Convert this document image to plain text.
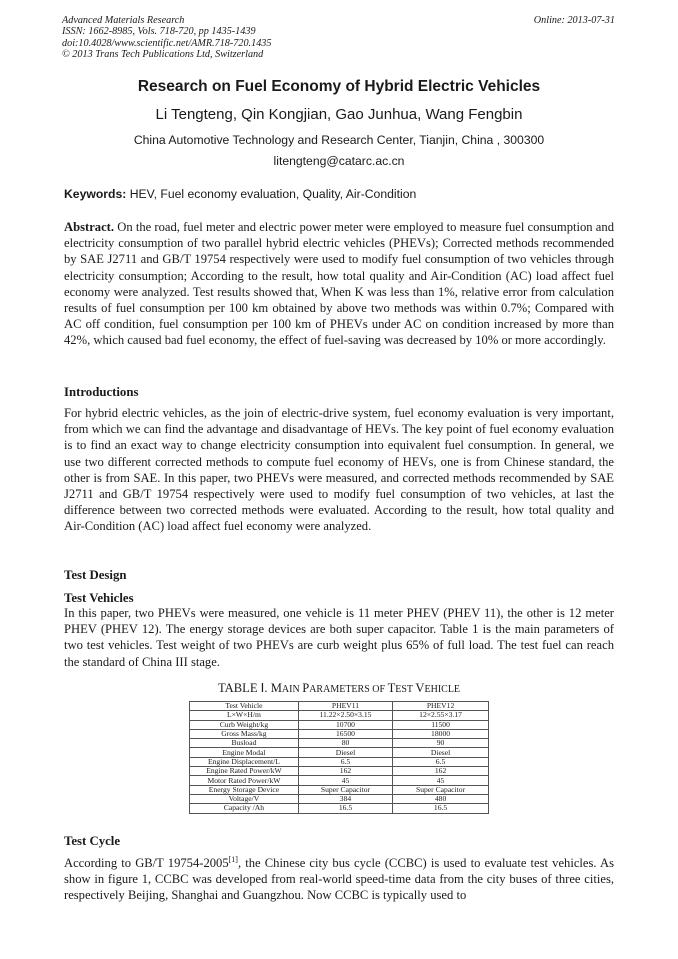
Advanced Materials Research
ISSN: 1662-8985, Vols. 718-720, pp 1435-1439
doi:10.4028/www.scientific.net/AMR.718-720.1435
© 2013 Trans Tech Publications Ltd, Switzerland
Online: 2013-07-31
Research on Fuel Economy of Hybrid Electric Vehicles
Li Tengteng, Qin Kongjian, Gao Junhua, Wang Fengbin
China Automotive Technology and Research Center, Tianjin, China , 300300
litengteng@catarc.ac.cn
Keywords: HEV, Fuel economy evaluation, Quality, Air-Condition
Abstract. On the road, fuel meter and electric power meter were employed to measure fuel consumption and electricity consumption of two parallel hybrid electric vehicles (PHEVs); Corrected methods recommended by SAE J2711 and GB/T 19754 respectively were used to modify fuel consumption of two vehicles through electricity consumption; According to the result, how total quality and Air-Condition (AC) load affect fuel economy were analyzed. Test results showed that, When K was less than 1%, relative error from calculation results of fuel consumption per 100 km obtained by above two methods was within 0.7%; Compared with AC off condition, fuel consumption per 100 km of PHEVs under AC on condition increased by more than 42%, which caused bad fuel economy, the effect of fuel-saving was decreased by 10% or more accordingly.
Introductions
For hybrid electric vehicles, as the join of electric-drive system, fuel economy evaluation is very important, from which we can find the advantage and disadvantage of HEVs. The key point of fuel economy evaluation is to find an exact way to change electricity consumption into equivalent fuel consumption. In general, we use two different corrected methods to compute fuel economy of HEVs, one is from Chinese standard, the other is from SAE. In this paper, two PHEVs were measured, and corrected methods recommended by SAE J2711 and GB/T 19754 respectively were used to modify fuel consumption of two vehicles, at last the difference between two corrected methods were evaluated. According to the result, how total quality and Air-Condition (AC) load affect fuel economy were analyzed.
Test Design
Test Vehicles
In this paper, two PHEVs were measured, one vehicle is 11 meter PHEV (PHEV 11), the other is 12 meter PHEV (PHEV 12). The energy storage devices are both super capacitor. Table 1 is the main parameters of two test vehicles. Test weight of two PHEVs are curb weight plus 65% of full load. The test fuel can reach the standard of China III stage.
TABLE Ⅰ. MAIN PARAMETERS OF TEST VEHICLE
Test Vehicle	PHEV11	PHEV12
L×W×H/m	11.22×2.50×3.15	12×2.55×3.17
Curb Weight/kg	10700	11500
Gross Mass/kg	16500	18000
Busload	80	90
Engine Modal	Diesel	Diesel
Engine Displacement/L	6.5	6.5
Engine Rated Power/kW	162	162
Motor Rated Power/kW	45	45
Energy Storage Device	Super Capacitor	Super Capacitor
Voltage/V	384	480
Capacity /Ah	16.5	16.5
Test Cycle
According to GB/T 19754-2005[1], the Chinese city bus cycle (CCBC) is used to evaluate test vehicles. As show in figure 1, CCBC was developed from real-world speed-time data from the city buses of three cities, respectively Beijing, Shanghai and Guangzhou. Now CCBC is typically used to
